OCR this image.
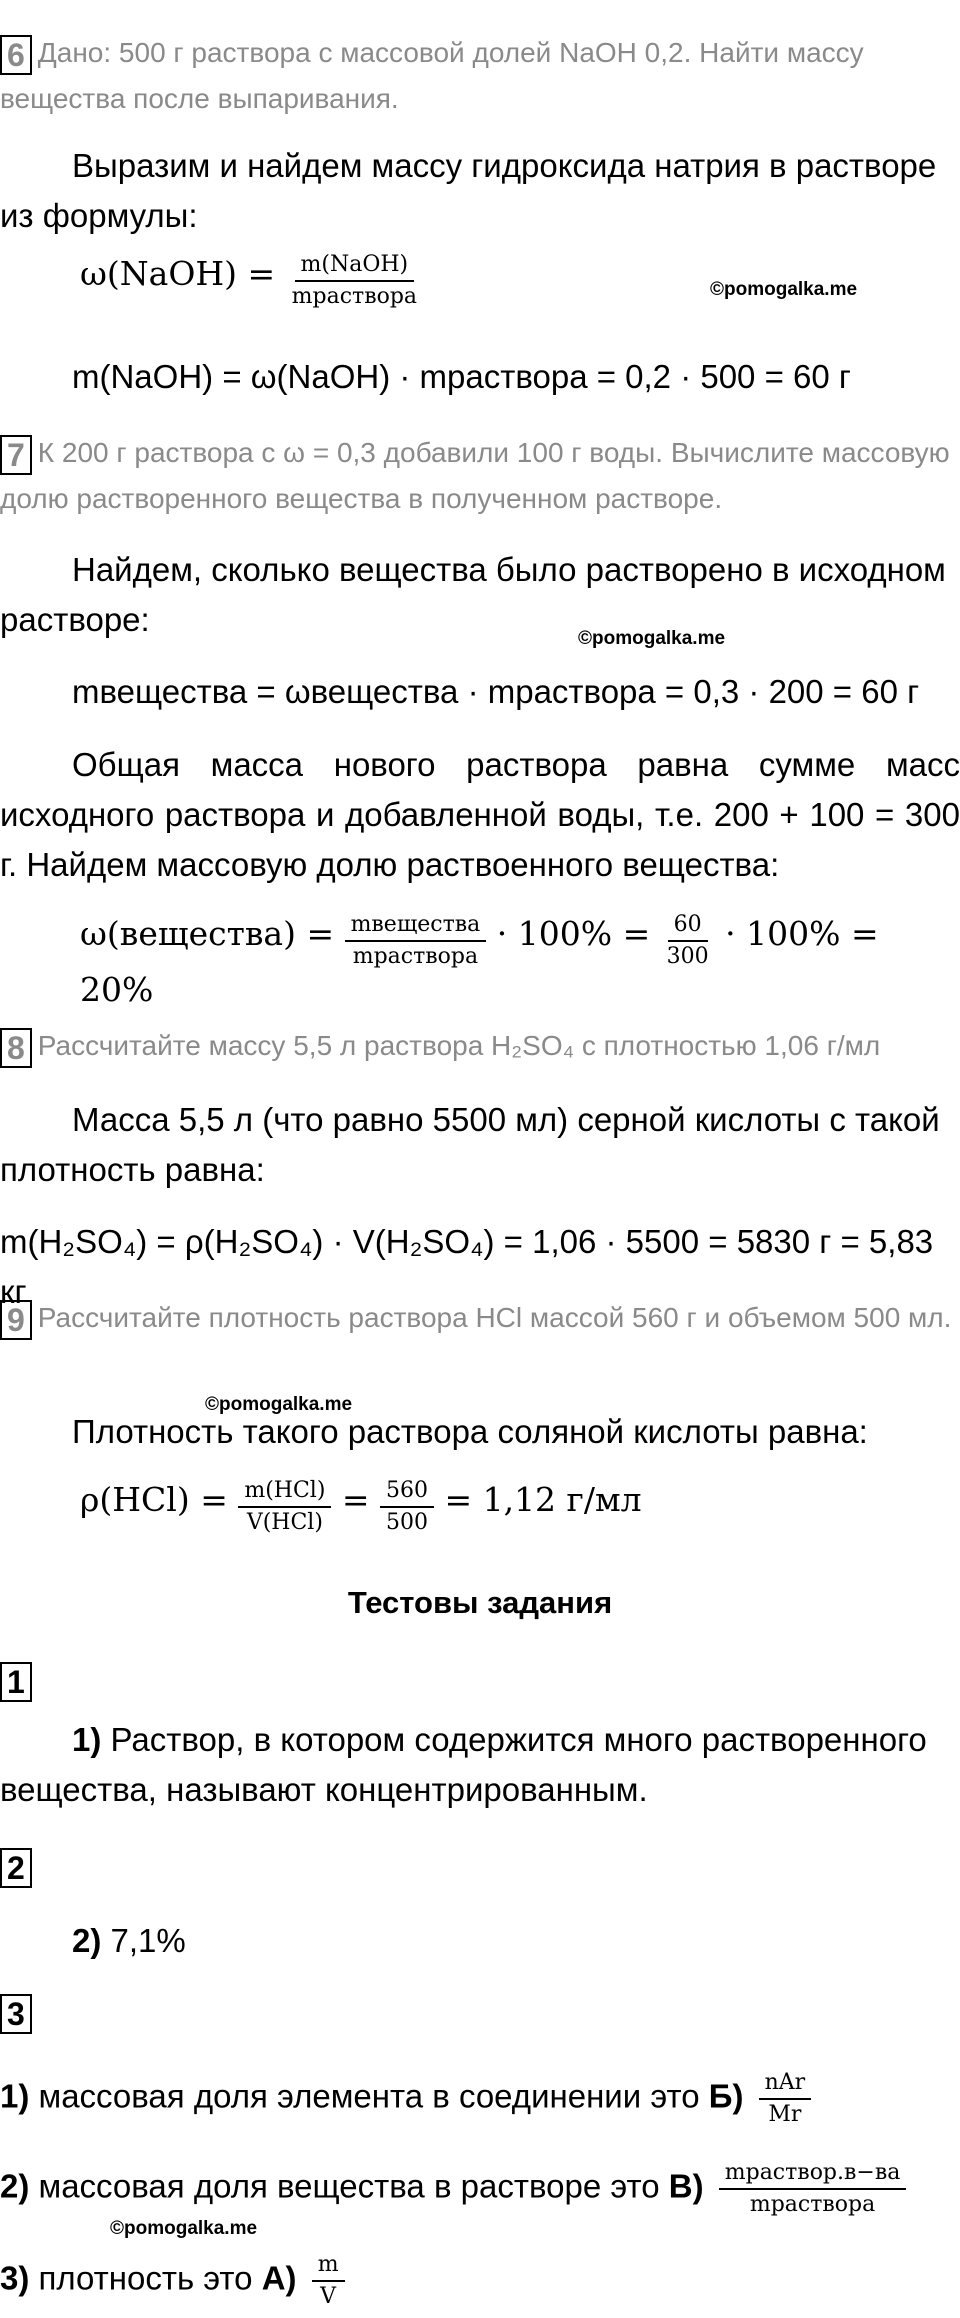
6 Дано: 500 г раствора с массовой долей NaOH 0,2. Найти массу вещества после выпаривания.
Выразим и найдем массу гидроксида натрия в растворе из формулы:
ω(NaOH) = $\frac{\text{m(NaOH)}}{\text{mраствора}}$	©pomogalka.me
m(NaOH) = ω(NaOH) · mраствора = 0,2 · 500 = 60 г
7 К 200 г раствора с ω = 0,3 добавили 100 г воды. Вычислите массовую долю растворенного вещества в полученном растворе.
Найдем, сколько вещества было растворено в исходном растворе:
©pomogalka.me
mвещества = ωвещества · mраствора = 0,3 · 200 = 60 г
Общая масса нового раствора равна сумме масс исходного раствора и добавленной воды, т.е. 200 + 100 = 300 г. Найдем массовую долю раствоенного вещества:
ω(вещества) = $\frac{\text{mвещества}}{\text{mраствора}} \cdot 100\% = \frac{60}{300} \cdot 100\% = 20\%$
8 Рассчитайте массу 5,5 л раствора H₂SO₄ с плотностью 1,06 г/мл
Масса 5,5 л (что равно 5500 мл) серной кислоты с такой плотность равна:
m(H₂SO₄) = ρ(H₂SO₄) · V(H₂SO₄) = 1,06 · 5500 = 5830 г = 5,83 кг
9 Рассчитайте плотность раствора HCl массой 560 г и объемом 500 мл.
©pomogalka.me
Плотность такого раствора соляной кислоты равна:
$\rho(HCl) = \frac{\text{m(HCl)}}{\text{V(HCl)}} = \frac{560}{500} = 1,12$ г/мл
Тестовы задания
1
1) Раствор, в котором содержится много растворенного вещества, называют концентрированным.
2
2) 7,1%
3
1) массовая доля элемента в соединении это $Б) \frac{\text{nAr}}{Mr}$
2) массовая доля вещества в растворе это $В) \frac{\text{mраствор.в−ва}}{\text{mраствора}}$
©pomogalka.me
3) плотность это $А) \frac{m}{V}$
